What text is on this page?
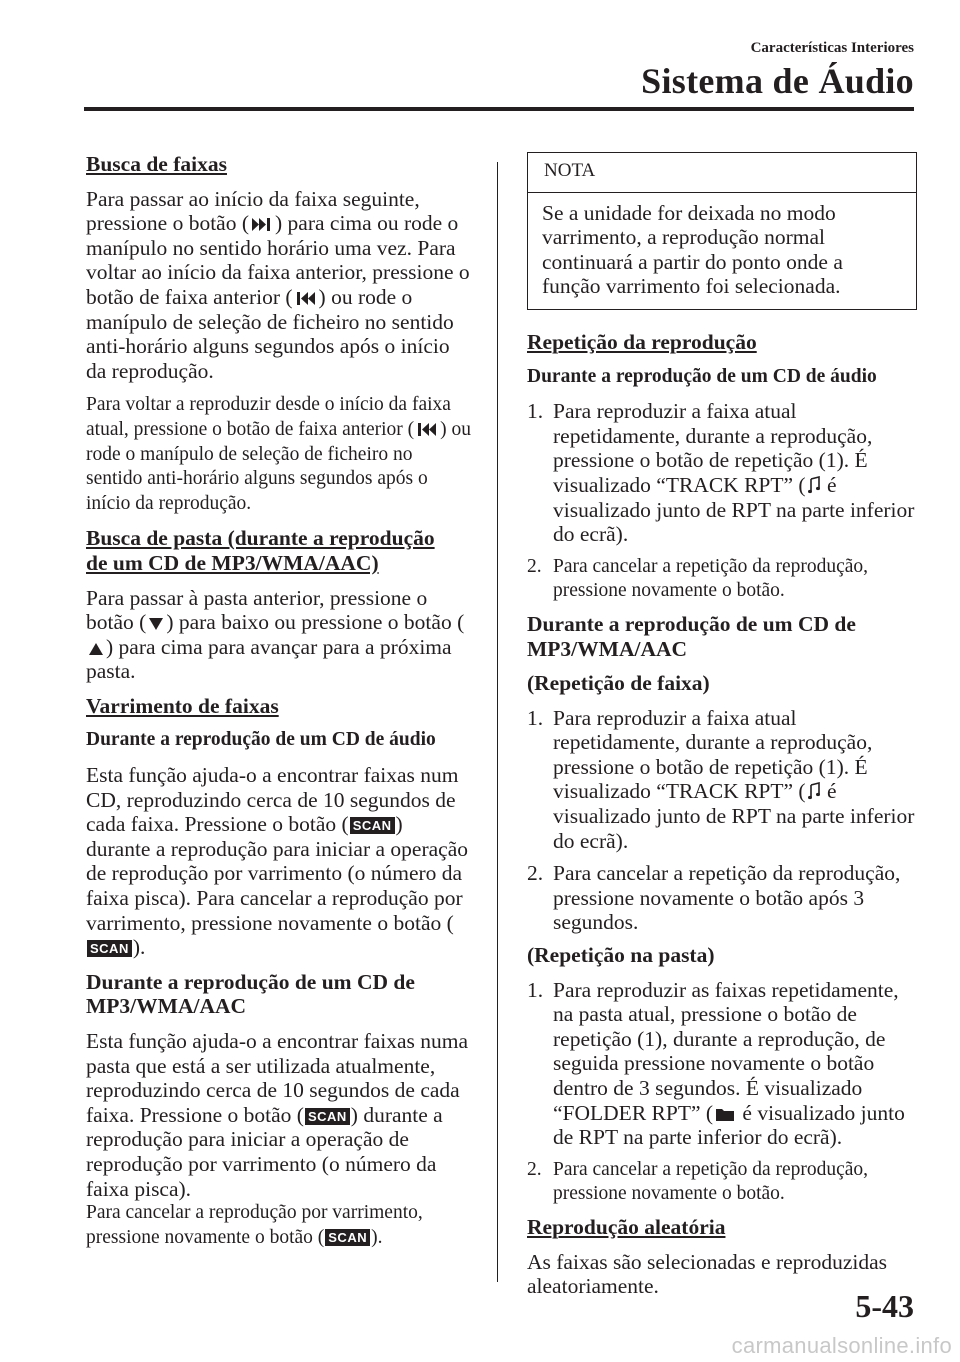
Características Interiores
Sistema de Áudio
Busca de faixas

Para passar ao início da faixa seguinte, pressione o botão ( ) para cima ou rode o manípulo no sentido horário uma vez. Para voltar ao início da faixa anterior, pressione o botão de faixa anterior ( ) ou rode o manípulo de seleção de ficheiro no sentido anti-horário alguns segundos após o início da reprodução.

Para voltar a reproduzir desde o início da faixa atual, pressione o botão de faixa anterior ( ) ou rode o manípulo de seleção de ficheiro no sentido anti-horário alguns segundos após o início da reprodução.

Busca de pasta (durante a reprodução
de um CD de MP3/WMA/AAC)

Para passar à pasta anterior, pressione o botão ( ) para baixo ou pressione o botão () para cima para avançar para a próxima pasta.

Varrimento de faixas
Durante a reprodução de um CD de áudio

Esta função ajuda-o a encontrar faixas num CD, reproduzindo cerca de 10 segundos de cada faixa. Pressione o botão ( SCAN ) durante a reprodução para iniciar a operação de reprodução por varrimento (o número da faixa pisca). Para cancelar a reprodução por varrimento, pressione novamente o botão (SCAN ).

Durante a reprodução de um CD de MP3/WMA/AAC

Esta função ajuda-o a encontrar faixas numa pasta que está a ser utilizada atualmente, reproduzindo cerca de 10 segundos de cada faixa. Pressione o botão ( SCAN ) durante a reprodução para iniciar a operação de reprodução por varrimento (o número da faixa pisca).

Para cancelar a reprodução por varrimento, pressione novamente o botão ( SCAN ).

NOTA
Se a unidade for deixada no modo varrimento, a reprodução normal continuará a partir do ponto onde a função varrimento foi selecionada.
Repetição da reprodução
Durante a reprodução de um CD de áudio
1. Para reproduzir a faixa atual repetidamente, durante a reprodução, pressione o botão de repetição (1). É visualizado “TRACK RPT” ( é visualizado junto de RPT na parte inferior do ecrã).
2. Para cancelar a repetição da reprodução, pressione novamente o botão.
Durante a reprodução de um CD de MP3/WMA/AAC
(Repetição de faixa)
1. Para reproduzir a faixa atual repetidamente, durante a reprodução, pressione o botão de repetição (1). É visualizado “TRACK RPT” ( é visualizado junto de RPT na parte inferior do ecrã).
2. Para cancelar a repetição da reprodução, pressione novamente o botão após 3 segundos.
(Repetição na pasta)
1. Para reproduzir as faixas repetidamente, na pasta atual, pressione o botão de repetição (1), durante a reprodução, de seguida pressione novamente o botão dentro de 3 segundos. É visualizado “FOLDER RPT” ( é visualizado junto de RPT na parte inferior do ecrã).
2. Para cancelar a repetição da reprodução, pressione novamente o botão.
Reprodução aleatória

As faixas são selecionadas e reproduzidas aleatoriamente.

5-43
carmanualsonline.info
